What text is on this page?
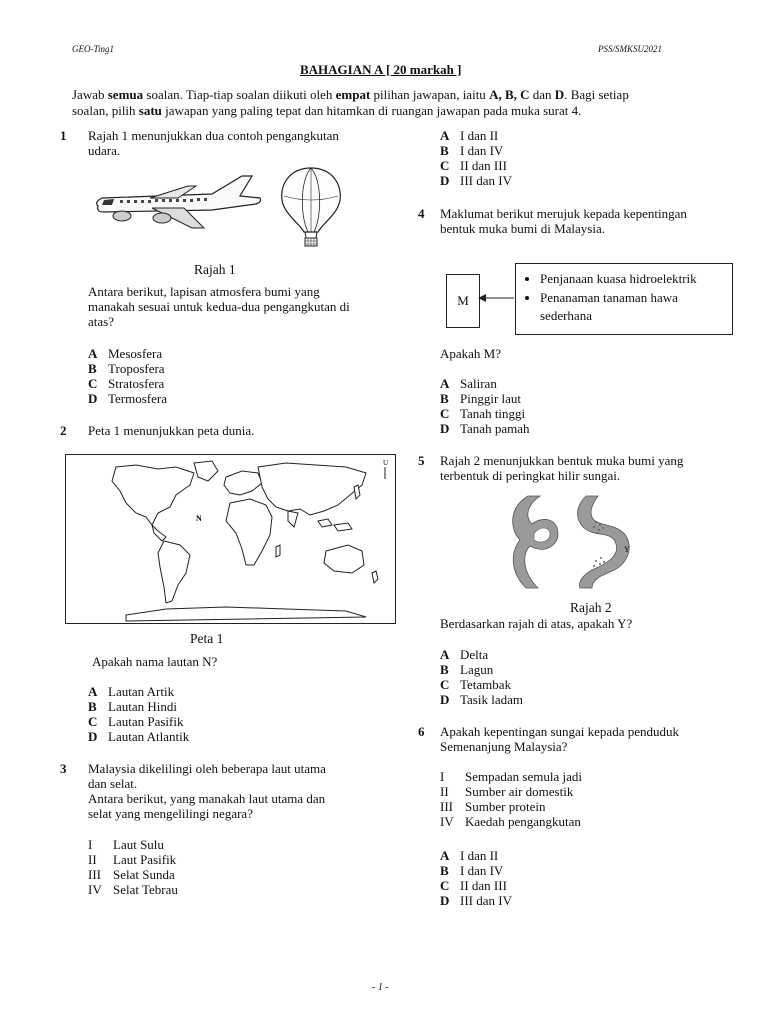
GEO-Ting1	PSS/SMKSU2021
BAHAGIAN A [ 20 markah ]
Jawab semua soalan. Tiap-tiap soalan diikuti oleh empat pilihan jawapan, iaitu A, B, C dan D. Bagi setiap
soalan, pilih satu jawapan yang paling tepat dan hitamkan di ruangan jawapan pada muka surat 4.
1 Rajah 1 menunjukkan dua contoh pengangkutan
udara.
Rajah 1
Antara berikut, lapisan atmosfera bumi yang
manakah sesuai untuk kedua-dua pengangkutan di
atas?
A	Mesosfera
B	Troposfera
C	Stratosfera
D	Termosfera
2 Peta 1 menunjukkan peta dunia.
N
U
Peta 1
Apakah nama lautan N?
A	Lautan Artik
B	Lautan Hindi
C	Lautan Pasifik
D	Lautan Atlantik
3 Malaysia dikelilingi oleh beberapa laut utama
dan selat.
Antara berikut, yang manakah laut utama dan
selat yang mengelilingi negara?
I	Laut Sulu
II	Laut Pasifik
III	Selat Sunda
IV	Selat Tebrau
A	I dan II
B	I dan IV
C	II dan III
D	III dan IV
4 Maklumat berikut merujuk kepada kepentingan
bentuk muka bumi di Malaysia.
M
• Penjanaan kuasa hidroelektrik
• Penanaman tanaman hawa
sederhana
Apakah M?
A	Saliran
B	Pinggir laut
C	Tanah tinggi
D	Tanah pamah
5 Rajah 2 menunjukkan bentuk muka bumi yang
terbentuk di peringkat hilir sungai.
Y
Rajah 2
Berdasarkan rajah di atas, apakah Y?
A	Delta
B	Lagun
C	Tetambak
D	Tasik ladam
6 Apakah kepentingan sungai kepada penduduk
Semenanjung Malaysia?
I	Sempadan semula jadi
II	Sumber air domestik
III	Sumber protein
IV	Kaedah pengangkutan
A	I dan II
B	I dan IV
C	II dan III
D	III dan IV
- 1 -
